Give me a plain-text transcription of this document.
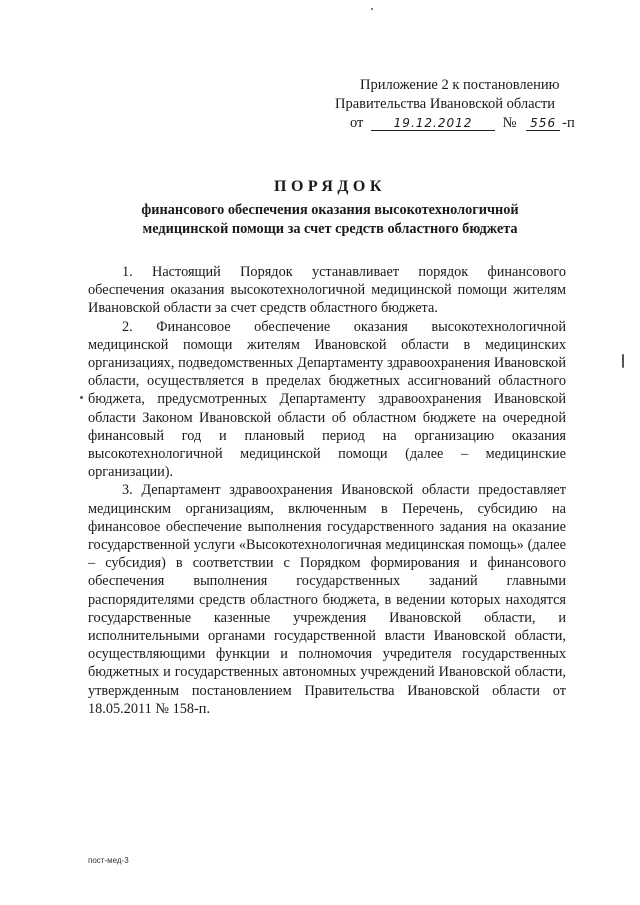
Приложение 2 к постановлению
Правительства Ивановской области
от	19.12.2012 № 556 -п
ПОРЯДОК
финансового обеспечения оказания высокотехнологичной
медицинской помощи за счет средств областного бюджета

1. Настоящий Порядок устанавливает порядок финансового обеспечения оказания высокотехнологичной медицинской помощи жителям Ивановской области за счет средств областного бюджета.

2. Финансовое обеспечение оказания высокотехнологичной медицинской помощи жителям Ивановской области в медицинских организациях, подведомственных Департаменту здравоохранения Ивановской области, осуществляется в пределах бюджетных ассигнований областного бюджета, предусмотренных Департаменту здравоохранения Ивановской области Законом Ивановской области об областном бюджете на очередной финансовый год и плановый период на организацию оказания высокотехнологичной медицинской помощи (далее – медицинские организации).

3. Департамент здравоохранения Ивановской области предоставляет медицинским организациям, включенным в Перечень, субсидию на финансовое обеспечение выполнения государственного задания на оказание государственной услуги «Высокотехнологичная медицинская помощь» (далее – субсидия) в соответствии с Порядком формирования и финансового обеспечения выполнения государственных заданий главными распорядителями средств областного бюджета, в ведении которых находятся государственные казенные учреждения Ивановской области, и исполнительными органами государственной власти Ивановской области, осуществляющими функции и полномочия учредителя государственных бюджетных и государственных автономных учреждений Ивановской области, утвержденным постановлением Правительства Ивановской области от 18.05.2011 № 158-п.

пост-мед-3
